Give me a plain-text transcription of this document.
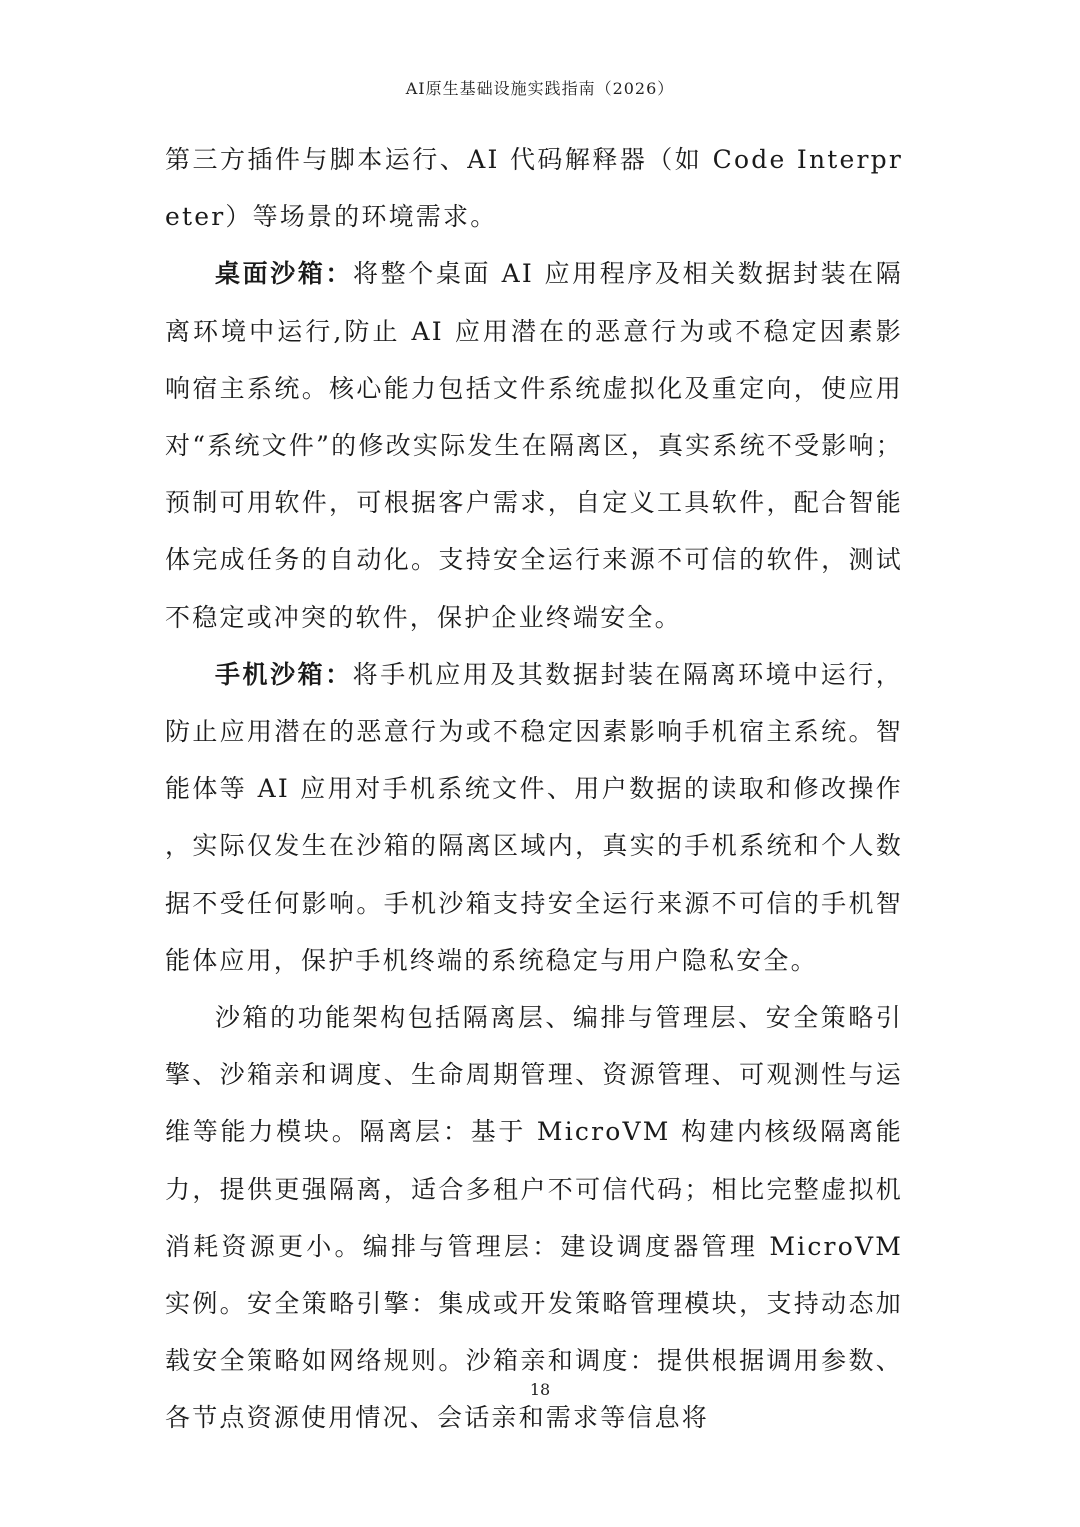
AI原生基础设施实践指南（2026）

第三方插件与脚本运行、AI 代码解释器（如 Code Interpreter）等场景的环境需求。

桌面沙箱：将整个桌面 AI 应用程序及相关数据封装在隔离环境中运行,防止 AI 应用潜在的恶意行为或不稳定因素影响宿主系统。核心能力包括文件系统虚拟化及重定向，使应用对“系统文件”的修改实际发生在隔离区，真实系统不受影响；预制可用软件，可根据客户需求，自定义工具软件，配合智能体完成任务的自动化。支持安全运行来源不可信的软件，测试不稳定或冲突的软件，保护企业终端安全。

手机沙箱：将手机应用及其数据封装在隔离环境中运行，防止应用潜在的恶意行为或不稳定因素影响手机宿主系统。智能体等 AI 应用对手机系统文件、用户数据的读取和修改操作，实际仅发生在沙箱的隔离区域内，真实的手机系统和个人数据不受任何影响。手机沙箱支持安全运行来源不可信的手机智能体应用，保护手机终端的系统稳定与用户隐私安全。

沙箱的功能架构包括隔离层、编排与管理层、安全策略引擎、沙箱亲和调度、生命周期管理、资源管理、可观测性与运维等能力模块。隔离层：基于 MicroVM 构建内核级隔离能力，提供更强隔离，适合多租户不可信代码；相比完整虚拟机消耗资源更小。编排与管理层：建设调度器管理 MicroVM 实例。安全策略引擎：集成或开发策略管理模块，支持动态加载安全策略如网络规则。沙箱亲和调度：提供根据调用参数、各节点资源使用情况、会话亲和需求等信息将

18
